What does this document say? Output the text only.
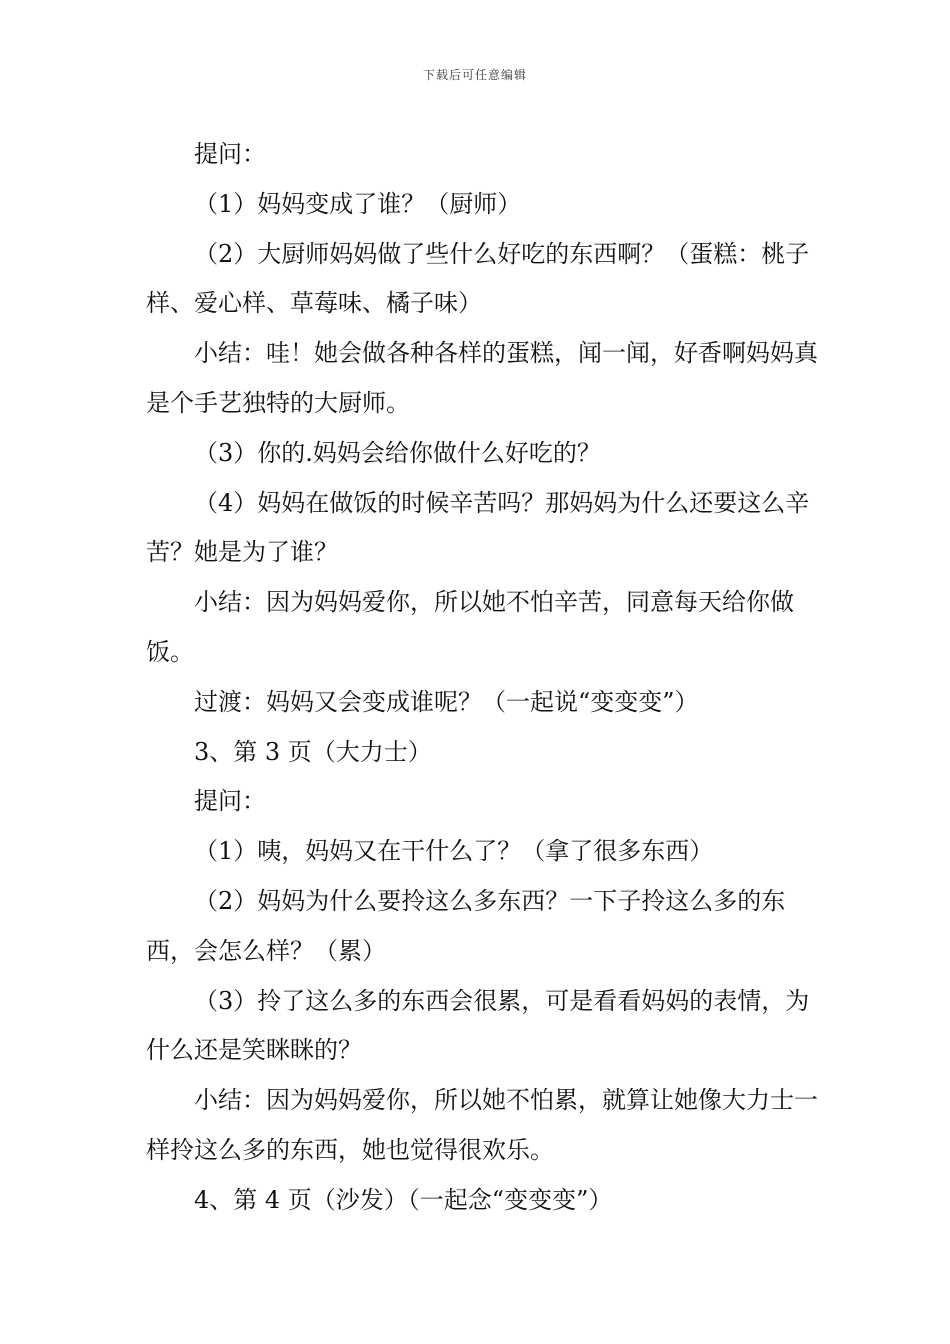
下载后可任意编辑

提问：

（1）妈妈变成了谁？（厨师）

（2）大厨师妈妈做了些什么好吃的东西啊？（蛋糕：桃子样、爱心样、草莓味、橘子味）

小结：哇！她会做各种各样的蛋糕，闻一闻，好香啊妈妈真是个手艺独特的大厨师。

（3）你的.妈妈会给你做什么好吃的？

（4）妈妈在做饭的时候辛苦吗？那妈妈为什么还要这么辛苦？她是为了谁？

小结：因为妈妈爱你，所以她不怕辛苦，同意每天给你做饭。

过渡：妈妈又会变成谁呢？（一起说“变变变”）

3、第 3 页（大力士）

提问：

（1）咦，妈妈又在干什么了？（拿了很多东西）

（2）妈妈为什么要拎这么多东西？一下子拎这么多的东西，会怎么样？（累）

（3）拎了这么多的东西会很累，可是看看妈妈的表情，为什么还是笑眯眯的？

小结：因为妈妈爱你，所以她不怕累，就算让她像大力士一样拎这么多的东西，她也觉得很欢乐。

4、第 4 页（沙发）（一起念“变变变”）
